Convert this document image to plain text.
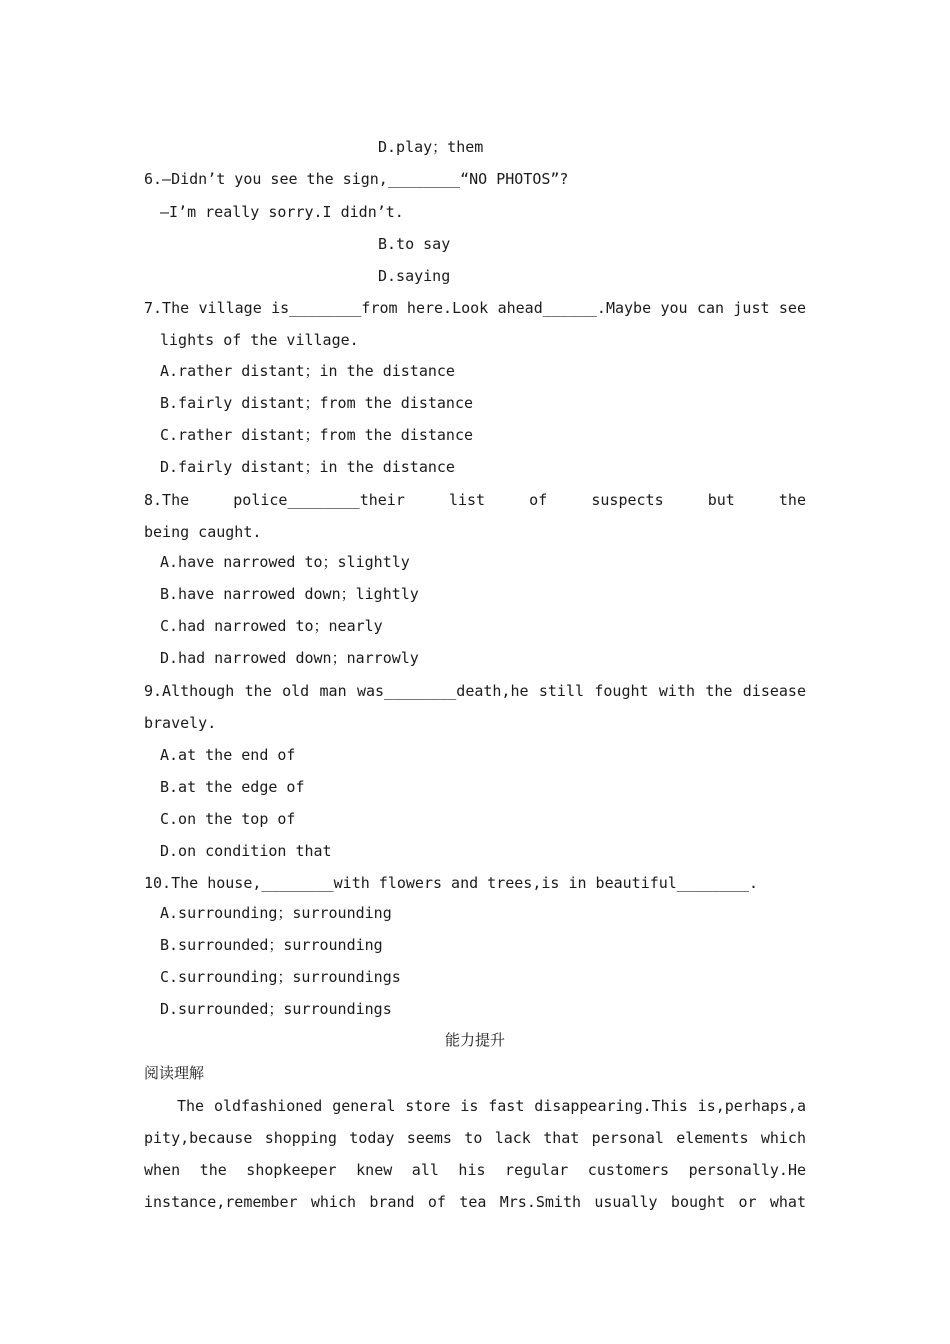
D.play；them

6.—Didn’t you see the sign,________“NO PHOTOS”?
—I’m really sorry.I didn’t.

B.to say

D.saying

7.The village is________from here.Look ahead______.Maybe you can just see
lights of the village.
A.rather distant；in the distance
B.fairly distant；from the distance
C.rather distant；from the distance
D.fairly distant；in the distance
8.The police________their list of suspects but the
being caught.
A.have narrowed to；slightly
B.have narrowed down；lightly
C.had narrowed to；nearly
D.had narrowed down；narrowly
9.Although the old man was________death,he still fought with the disease
bravely.
A.at the end of
B.at the edge of
C.on the top of
D.on condition that
10.The house,________with flowers and trees,is in beautiful________.
A.surrounding；surrounding
B.surrounded；surrounding
C.surrounding；surroundings
D.surrounded；surroundings
能力提升
阅读理解
The oldfashioned general store is fast disappearing.This is,perhaps,a
pity,because shopping today seems to lack that personal elements which
when the shopkeeper knew all his regular customers personally.He
instance,remember which brand of tea Mrs.Smith usually bought or what
